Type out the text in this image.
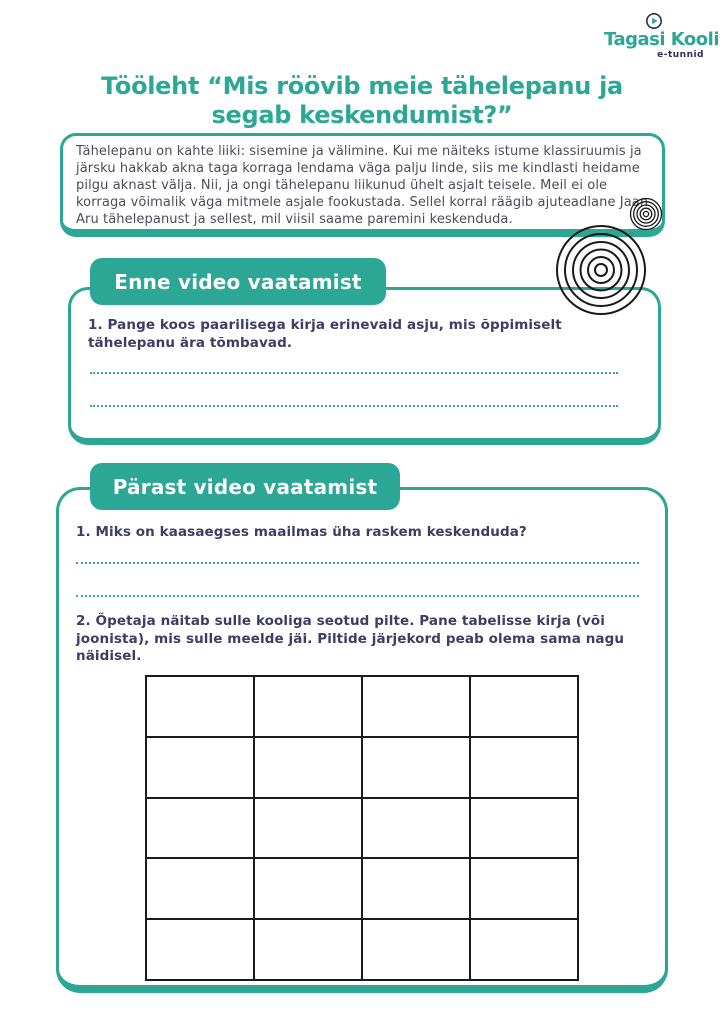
Tagasi Kooli
e-tunnid
Tööleht “Mis röövib meie tähelepanu ja
segab keskendumist?”
Tähelepanu on kahte liiki: sisemine ja välimine. Kui me näiteks istume klassiruumis ja järsku hakkab akna taga korraga lendama väga palju linde, siis me kindlasti heidame pilgu aknast välja. Nii, ja ongi tähelepanu liikunud ühelt asjalt teisele. Meil ei ole korraga võimalik väga mitmele asjale fookustada. Sellel korral räägib ajuteadlane Jaan Aru tähelepanust ja sellest, mil viisil saame paremini keskenduda.
Enne video vaatamist
1. Pange koos paarilisega kirja erinevaid asju, mis õppimiselt tähelepanu ära tõmbavad.
Pärast video vaatamist
1. Miks on kaasaegses maailmas üha raskem keskenduda?
2. Õpetaja näitab sulle kooliga seotud pilte. Pane tabelisse kirja (või joonista), mis sulle meelde jäi. Piltide järjekord peab olema sama nagu näidisel.
